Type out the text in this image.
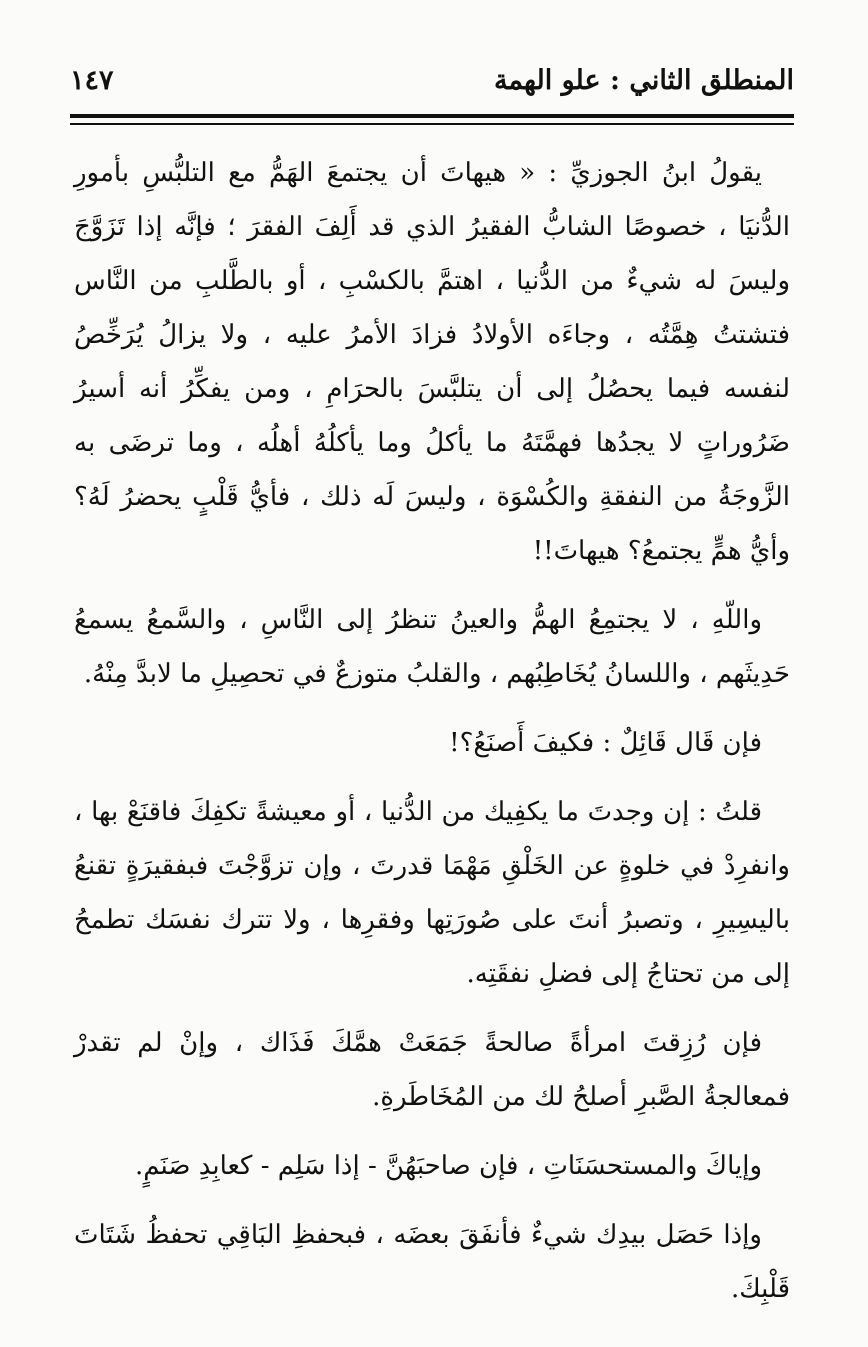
المنطلق الثاني : علو الهمة
١٤٧

يقولُ ابنُ الجوزيِّ : « هيهاتَ أن يجتمعَ الهَمُّ مع التلبُّسِ بأمورِ الدُّنيَا ، خصوصًا الشابُّ الفقيرُ الذي قد أَلِفَ الفقرَ ؛ فإنَّه إذا تَزَوَّجَ وليسَ له شيءٌ من الدُّنيا ، اهتمَّ بالكسْبِ ، أو بالطَّلبِ من النَّاس فتشتتُ هِمَّتُه ، وجاءَه الأولادُ فزادَ الأمرُ عليه ، ولا يزالُ يُرَخِّصُ لنفسه فيما يحصُلُ إلى أن يتلبَّسَ بالحرَامِ ، ومن يفكِّرُ أنه أسيرُ ضَرُوراتٍ لا يجدُها فهمَّتَهُ ما يأكلُ وما يأكلُهُ أهلُه ، وما ترضَى به الزَّوجَةُ من النفقةِ والكُسْوَة ، وليسَ لَه ذلك ، فأيُّ قَلْبٍ يحضرُ لَهُ؟ وأيُّ همٍّ يجتمعُ؟ هيهاتَ!!

واللّهِ ، لا يجتمِعُ الهمُّ والعينُ تنظرُ إلى النَّاسِ ، والسَّمعُ يسمعُ حَدِيثَهم ، واللسانُ يُخَاطِبُهم ، والقلبُ متوزعٌ في تحصِيلِ ما لابدَّ مِنْهُ.

فإن قَال قَائِلٌ : فكيفَ أَصنَعُ؟!

قلتُ : إن وجدتَ ما يكفِيك من الدُّنيا ، أو معيشةً تكفِكَ فاقنَعْ بها ، وانفرِدْ في خلوةٍ عن الخَلْقِ مَهْمَا قدرتَ ، وإن تزوَّجْتَ فبفقيرَةٍ تقنعُ باليسِيرِ ، وتصبرُ أنتَ على صُورَتِها وفقرِها ، ولا تترك نفسَك تطمحُ إلى من تحتاجُ إلى فضلِ نفقَتِه.

فإن رُزِقتَ امرأةً صالحةً جَمَعَتْ همَّكَ فَذَاك ، وإنْ لم تقدرْ فمعالجةُ الصَّبرِ أصلحُ لك من المُخَاطَرةِ.

وإياكَ والمستحسَنَاتِ ، فإن صاحبَهُنَّ - إذا سَلِم - كعابِدِ صَنَمٍ.

وإذا حَصَل بيدِك شيءٌ فأنفَقَ بعضَه ، فبحفظِ البَاقِي تحفظُ شَتَاتَ قَلْبِكَ.
